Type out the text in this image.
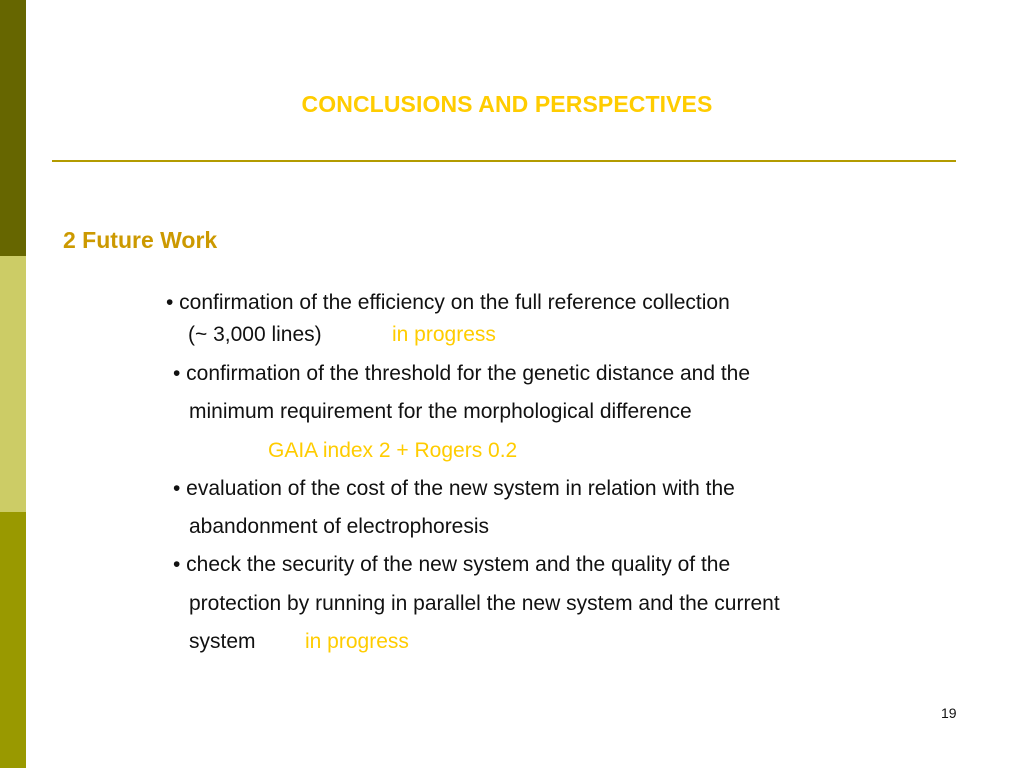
CONCLUSIONS AND PERSPECTIVES
2 Future Work
• confirmation of the efficiency on the full reference collection
(~ 3,000 lines)	in progress
• confirmation of the threshold for the genetic distance and the
minimum requirement for the morphological difference
GAIA index 2 + Rogers 0.2
• evaluation of the cost of the new system in relation with the
abandonment of electrophoresis
• check the security of the new system and the quality of the
protection by running in parallel the new system and the current
system in progress
19
